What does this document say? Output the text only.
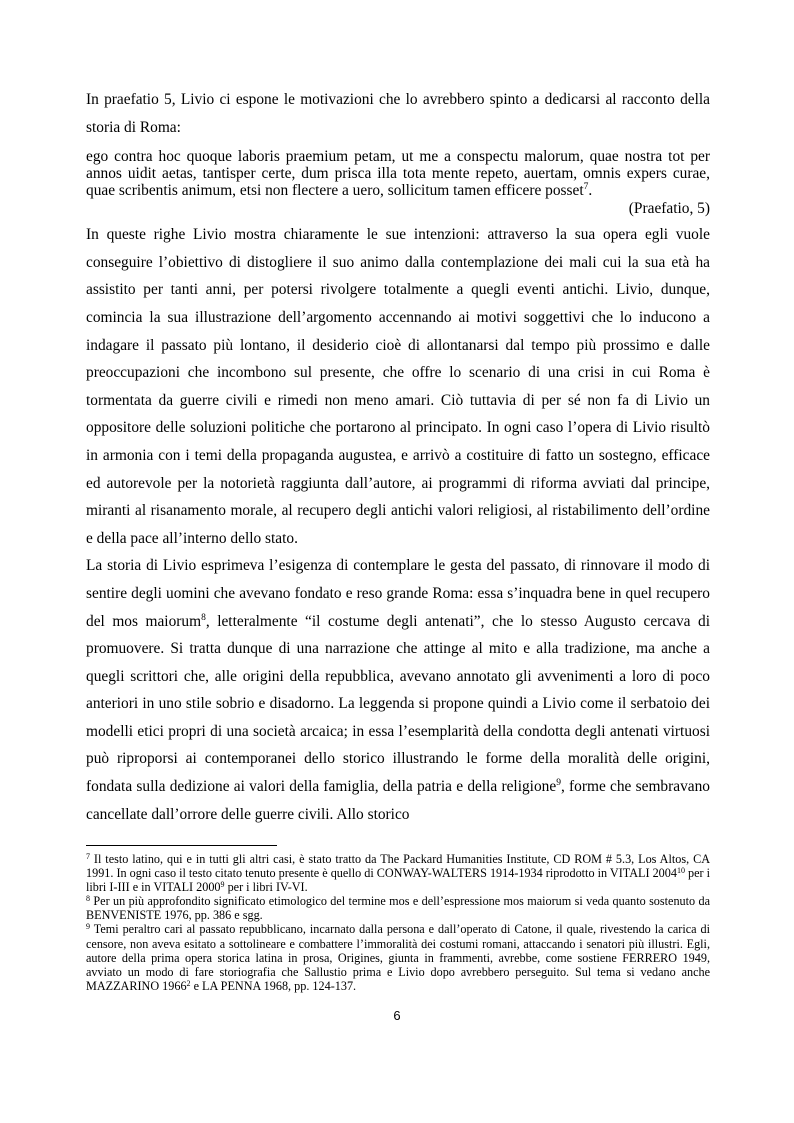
In praefatio 5, Livio ci espone le motivazioni che lo avrebbero spinto a dedicarsi al racconto della storia di Roma:

ego contra hoc quoque laboris praemium petam, ut me a conspectu malorum, quae nostra tot per annos uidit aetas, tantisper certe, dum prisca illa tota mente repeto, auertam, omnis expers curae, quae scribentis animum, etsi non flectere a uero, sollicitum tamen efficere posset$^7$.

(Praefatio, 5)

In queste righe Livio mostra chiaramente le sue intenzioni: attraverso la sua opera egli vuole conseguire l’obiettivo di distogliere il suo animo dalla contemplazione dei mali cui la sua età ha assistito per tanti anni, per potersi rivolgere totalmente a quegli eventi antichi. Livio, dunque, comincia la sua illustrazione dell’argomento accennando ai motivi soggettivi che lo inducono a indagare il passato più lontano, il desiderio cioè di allontanarsi dal tempo più prossimo e dalle preoccupazioni che incombono sul presente, che offre lo scenario di una crisi in cui Roma è tormentata da guerre civili e rimedi non meno amari. Ciò tuttavia di per sé non fa di Livio un oppositore delle soluzioni politiche che portarono al principato. In ogni caso l’opera di Livio risultò in armonia con i temi della propaganda augustea, e arrivò a costituire di fatto un sostegno, efficace ed autorevole per la notorietà raggiunta dall’autore, ai programmi di riforma avviati dal principe, miranti al risanamento morale, al recupero degli antichi valori religiosi, al ristabilimento dell’ordine e della pace all’interno dello stato.

La storia di Livio esprimeva l’esigenza di contemplare le gesta del passato, di rinnovare il modo di sentire degli uomini che avevano fondato e reso grande Roma: essa s’inquadra bene in quel recupero del mos maiorum$^8$, letteralmente “il costume degli antenati”, che lo stesso Augusto cercava di promuovere. Si tratta dunque di una narrazione che attinge al mito e alla tradizione, ma anche a quegli scrittori che, alle origini della repubblica, avevano annotato gli avvenimenti a loro di poco anteriori in uno stile sobrio e disadorno. La leggenda si propone quindi a Livio come il serbatoio dei modelli etici propri di una società arcaica; in essa l’esemplarità della condotta degli antenati virtuosi può riproporsi ai contemporanei dello storico illustrando le forme della moralità delle origini, fondata sulla dedizione ai valori della famiglia, della patria e della religione$^9$, forme che sembravano cancellate dall’orrore delle guerre civili. Allo storico

$^7$ Il testo latino, qui e in tutti gli altri casi, è stato tratto da The Packard Humanities Institute, CD ROM # 5.3, Los Altos, CA 1991. In ogni caso il testo citato tenuto presente è quello di CONWAY-WALTERS 1914-1934 riprodotto in VITALI 2004$^{10}$ per i libri I-III e in VITALI 2000$^9$ per i libri IV-VI.

$^8$ Per un più approfondito significato etimologico del termine mos e dell’espressione mos maiorum si veda quanto sostenuto da BENVENISTE 1976, pp. 386 e sgg.

$^9$ Temi peraltro cari al passato repubblicano, incarnato dalla persona e dall’operato di Catone, il quale, rivestendo la carica di censore, non aveva esitato a sottolineare e combattere l’immoralità dei costumi romani, attaccando i senatori più illustri. Egli, autore della prima opera storica latina in prosa, Origines, giunta in frammenti, avrebbe, come sostiene FERRERO 1949, avviato un modo di fare storiografia che Sallustio prima e Livio dopo avrebbero perseguito. Sul tema si vedano anche MAZZARINO 1966$^2$ e LA PENNA 1968, pp. 124-137.

6
